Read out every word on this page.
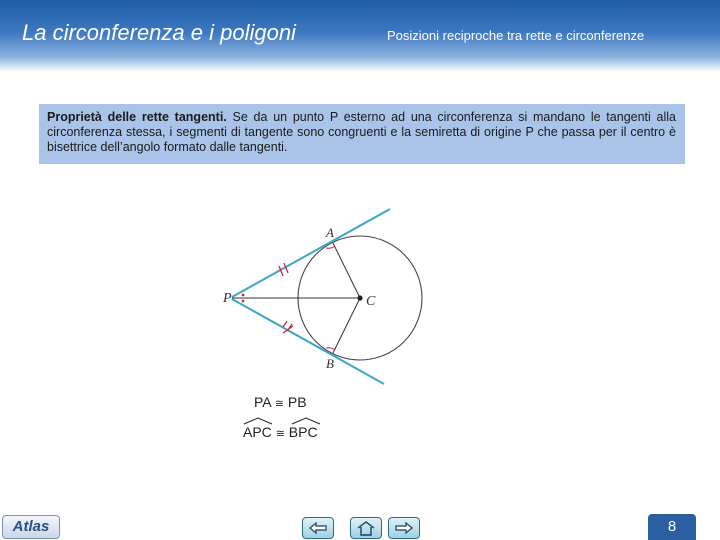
La circonferenza e i poligoni	Posizioni reciproche tra rette e circonferenze
Proprietà delle rette tangenti. Se da un punto P esterno ad una circonferenza si mandano le tangenti alla circonferenza stessa, i segmenti di tangente sono congruenti e la semiretta di origine P che passa per il centro è bisettrice dell’angolo formato dalle tangenti.
A
B
C
P
PA ≅ PB
APC ≅ BPC
Atlas	8
